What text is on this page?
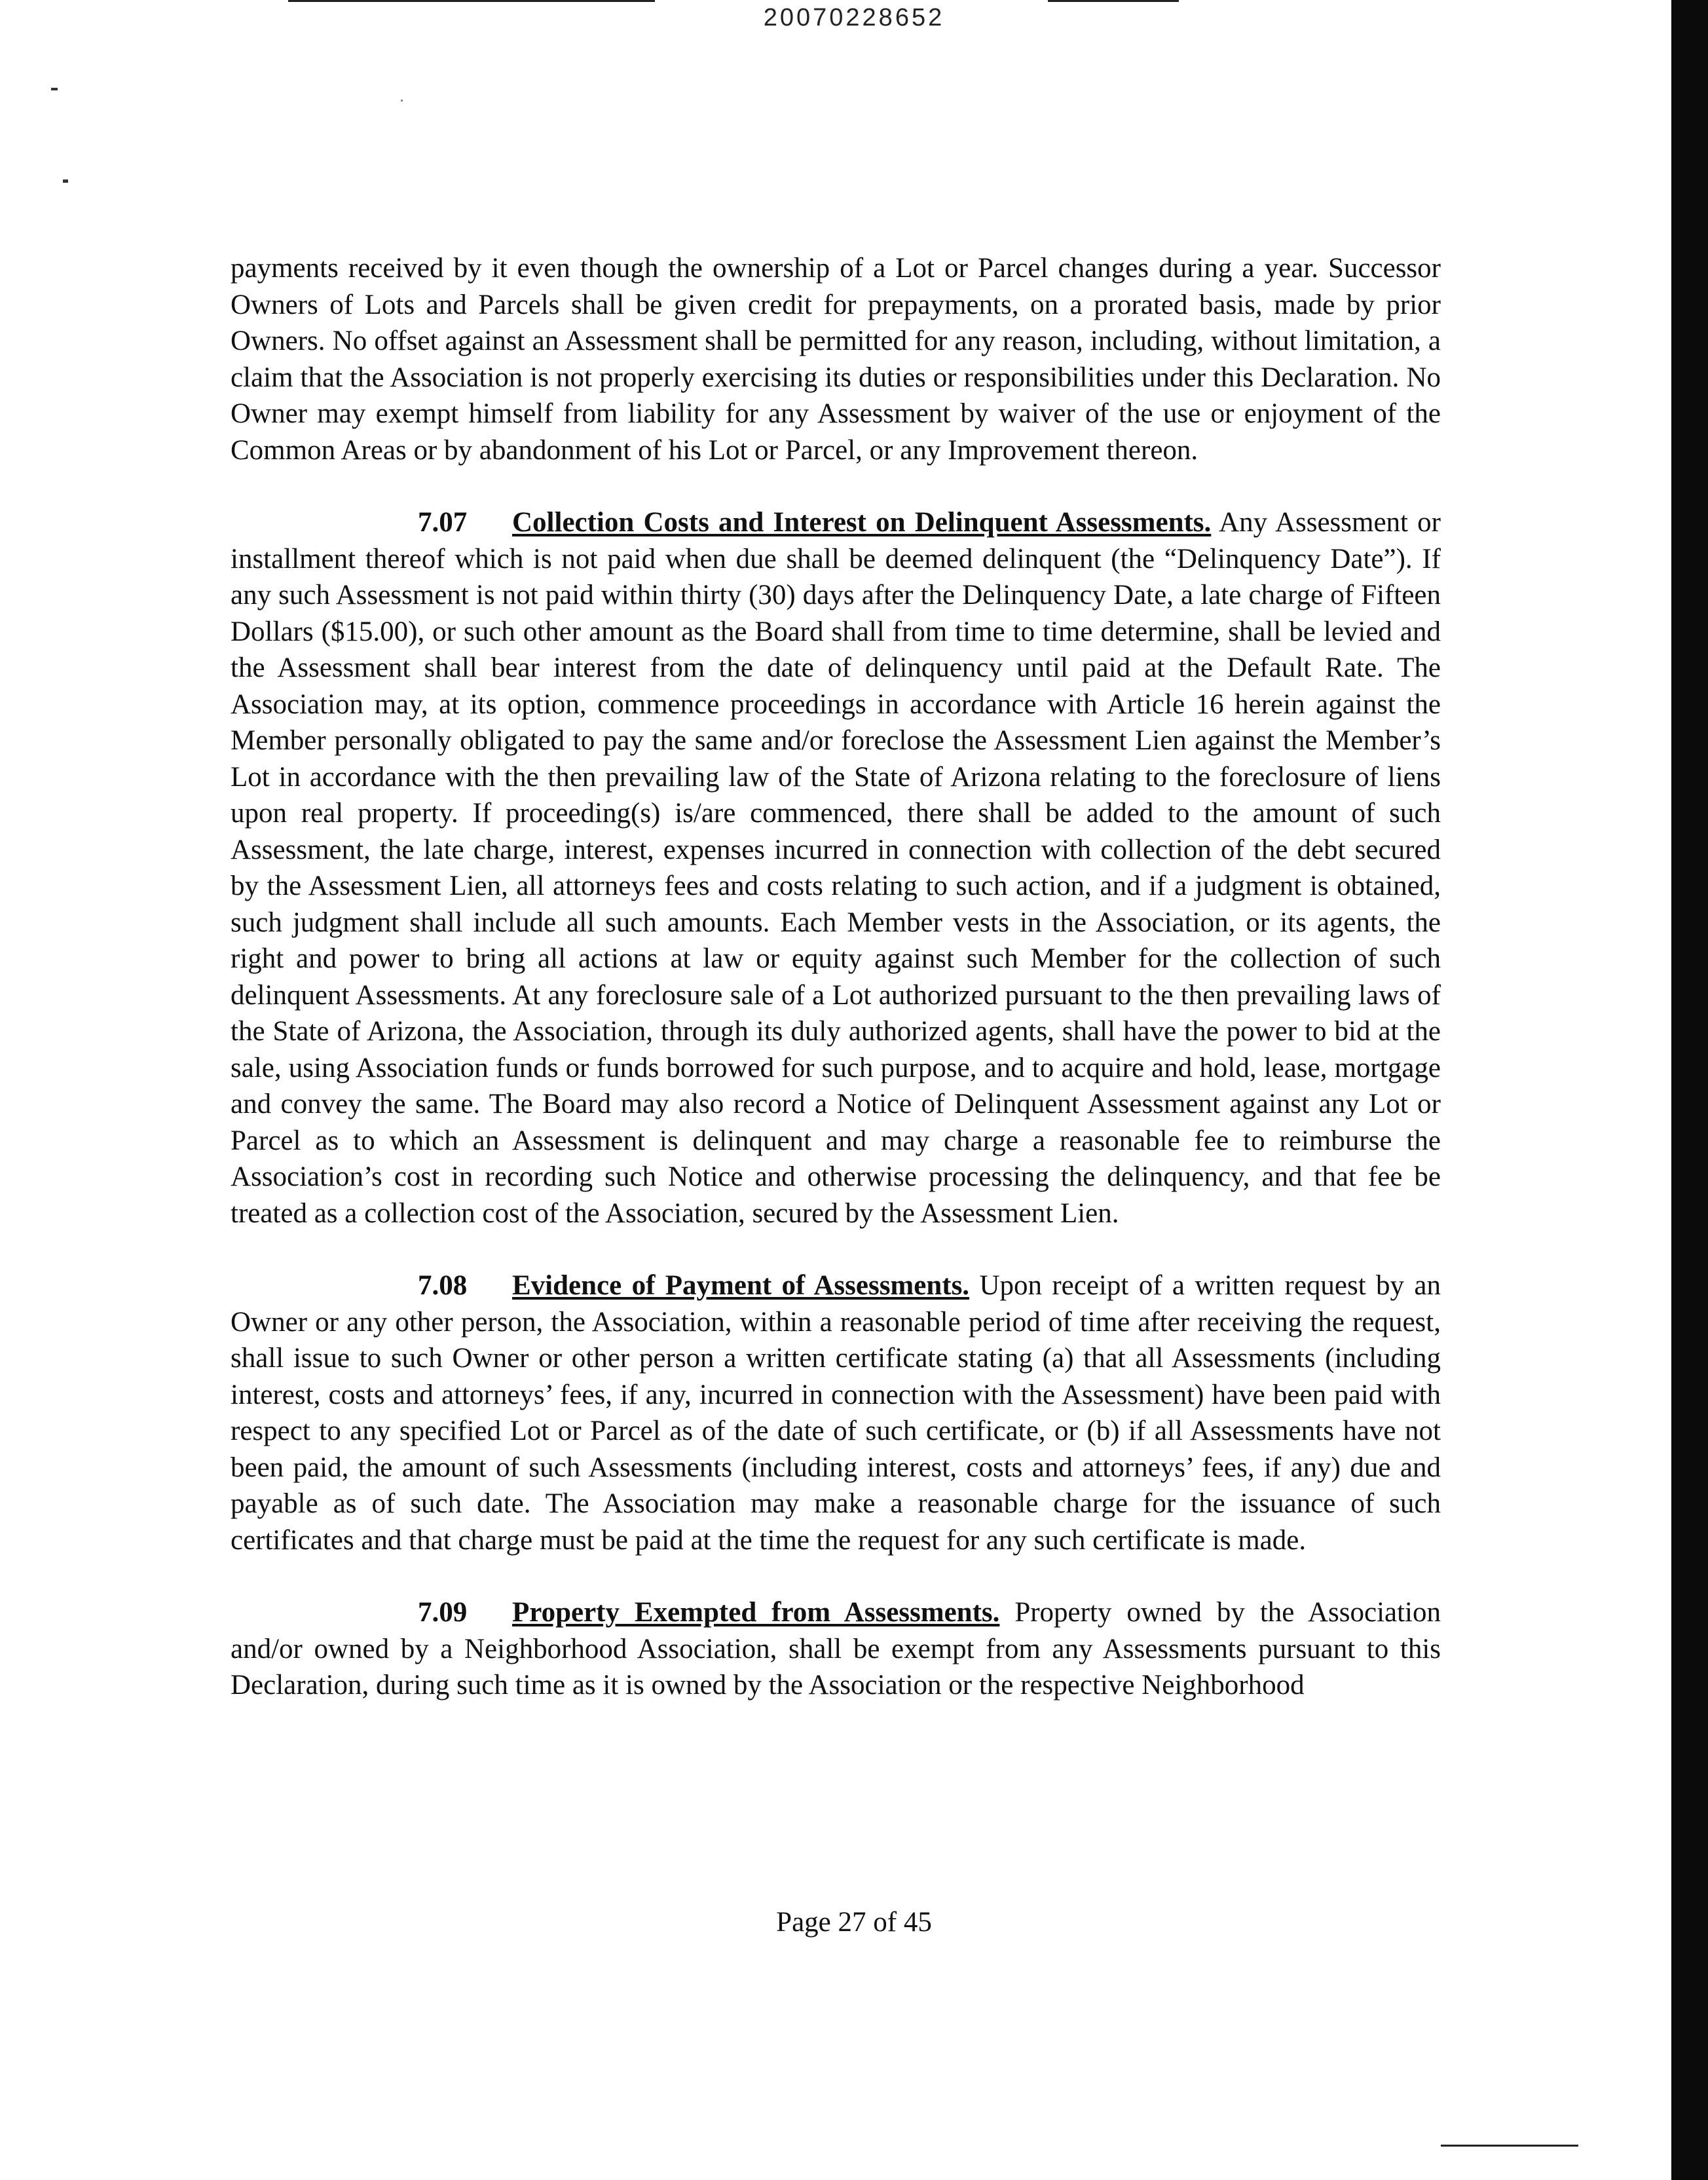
20070228652

payments received by it even though the ownership of a Lot or Parcel changes during a year. Successor Owners of Lots and Parcels shall be given credit for prepayments, on a prorated basis, made by prior Owners. No offset against an Assessment shall be permitted for any reason, including, without limitation, a claim that the Association is not properly exercising its duties or responsibilities under this Declaration. No Owner may exempt himself from liability for any Assessment by waiver of the use or enjoyment of the Common Areas or by abandonment of his Lot or Parcel, or any Improvement thereon.

7.07 Collection Costs and Interest on Delinquent Assessments. Any Assessment or installment thereof which is not paid when due shall be deemed delinquent (the “Delinquency Date”). If any such Assessment is not paid within thirty (30) days after the Delinquency Date, a late charge of Fifteen Dollars ($15.00), or such other amount as the Board shall from time to time determine, shall be levied and the Assessment shall bear interest from the date of delinquency until paid at the Default Rate. The Association may, at its option, commence proceedings in accordance with Article 16 herein against the Member personally obligated to pay the same and/or foreclose the Assessment Lien against the Member’s Lot in accordance with the then prevailing law of the State of Arizona relating to the foreclosure of liens upon real property. If proceeding(s) is/are commenced, there shall be added to the amount of such Assessment, the late charge, interest, expenses incurred in connection with collection of the debt secured by the Assessment Lien, all attorneys fees and costs relating to such action, and if a judgment is obtained, such judgment shall include all such amounts. Each Member vests in the Association, or its agents, the right and power to bring all actions at law or equity against such Member for the collection of such delinquent Assessments. At any foreclosure sale of a Lot authorized pursuant to the then prevailing laws of the State of Arizona, the Association, through its duly authorized agents, shall have the power to bid at the sale, using Association funds or funds borrowed for such purpose, and to acquire and hold, lease, mortgage and convey the same. The Board may also record a Notice of Delinquent Assessment against any Lot or Parcel as to which an Assessment is delinquent and may charge a reasonable fee to reimburse the Association’s cost in recording such Notice and otherwise processing the delinquency, and that fee be treated as a collection cost of the Association, secured by the Assessment Lien.

7.08 Evidence of Payment of Assessments. Upon receipt of a written request by an Owner or any other person, the Association, within a reasonable period of time after receiving the request, shall issue to such Owner or other person a written certificate stating (a) that all Assessments (including interest, costs and attorneys’ fees, if any, incurred in connection with the Assessment) have been paid with respect to any specified Lot or Parcel as of the date of such certificate, or (b) if all Assessments have not been paid, the amount of such Assessments (including interest, costs and attorneys’ fees, if any) due and payable as of such date. The Association may make a reasonable charge for the issuance of such certificates and that charge must be paid at the time the request for any such certificate is made.

7.09 Property Exempted from Assessments. Property owned by the Association and/or owned by a Neighborhood Association, shall be exempt from any Assessments pursuant to this Declaration, during such time as it is owned by the Association or the respective Neighborhood

Page 27 of 45
